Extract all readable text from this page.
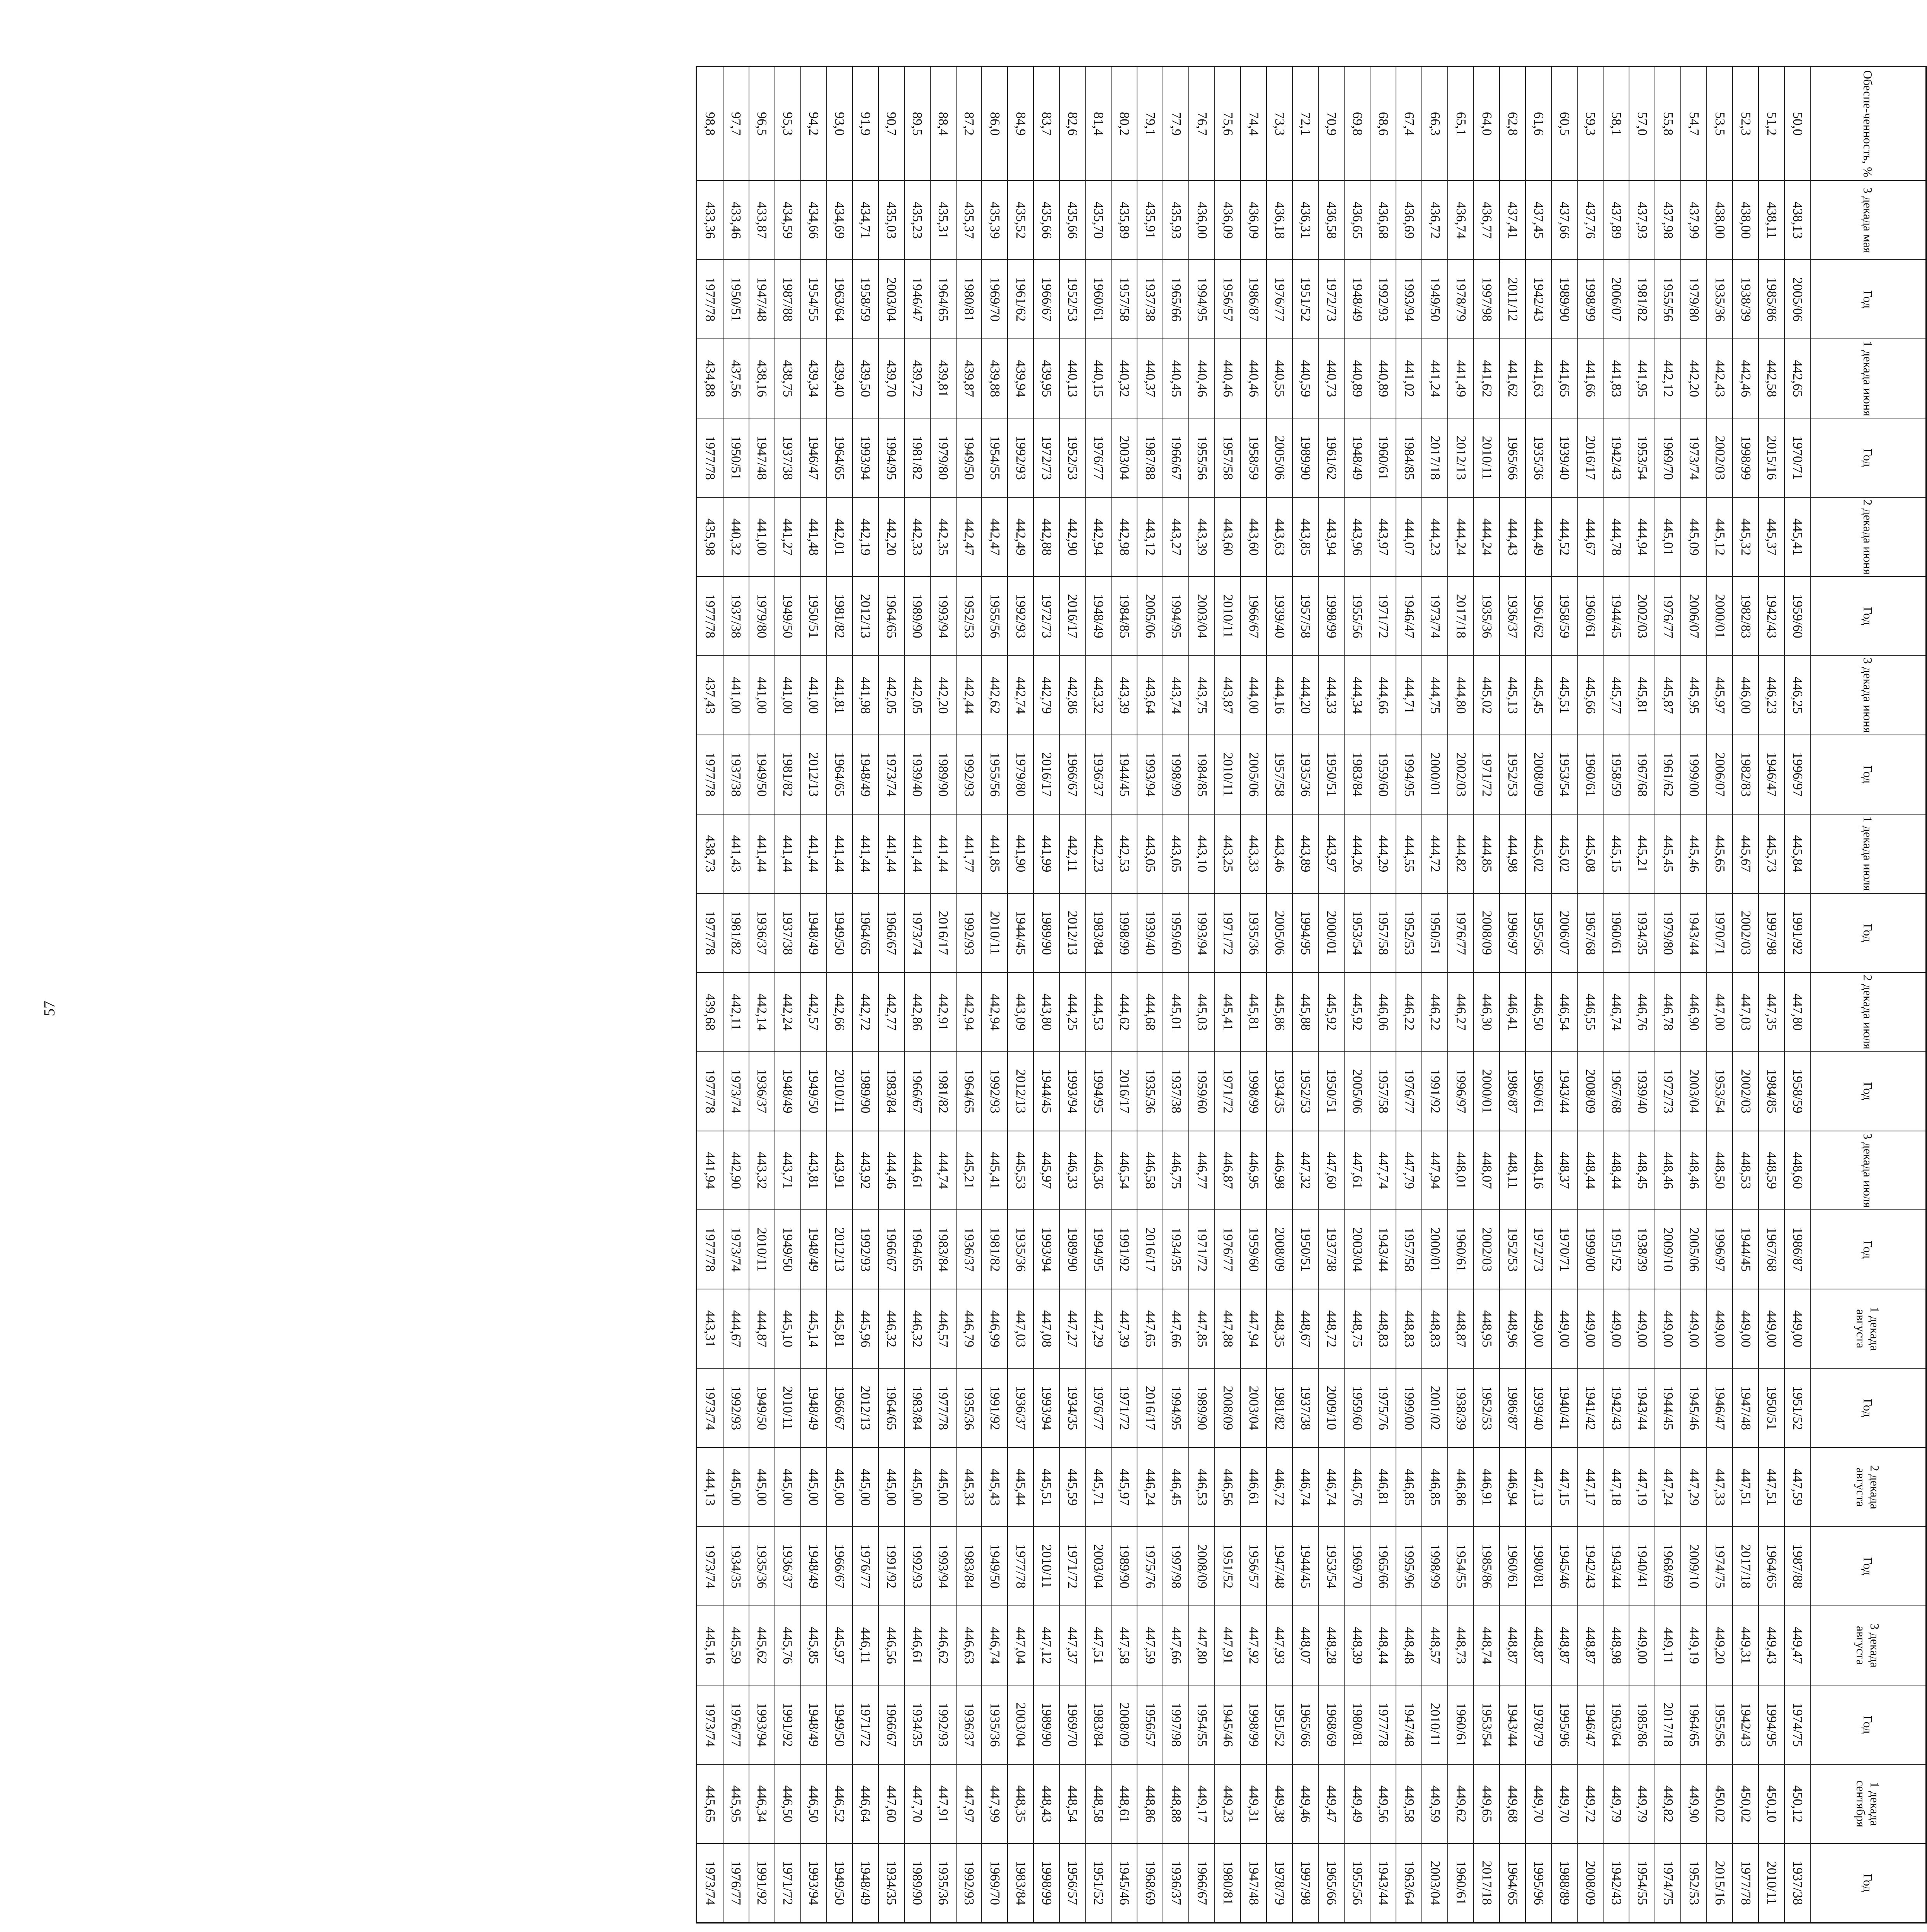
57
Обеспе-ченность, %	3 декада мая	Год	1 декада июня	Год	2 декада июня	Год	3 декада июня	Год	1 декада июля	Год	2 декада июля	Год	3 декада июля	Год	1 декада августа	Год	2 декада августа	Год	3 декада августа	Год	1 декада сентября	Год
50,0	438,13	2005/06	442,65	1970/71	445,41	1959/60	446,25	1996/97	445,84	1991/92	447,80	1958/59	448,60	1986/87	449,00	1951/52	447,59	1987/88	449,47	1974/75	450,12	1937/38
51,2	438,11	1985/86	442,58	2015/16	445,37	1942/43	446,23	1946/47	445,73	1997/98	447,35	1984/85	448,59	1967/68	449,00	1950/51	447,51	1964/65	449,43	1994/95	450,10	2010/11
52,3	438,00	1938/39	442,46	1998/99	445,32	1982/83	446,00	1982/83	445,67	2002/03	447,03	2002/03	448,53	1944/45	449,00	1947/48	447,51	2017/18	449,31	1942/43	450,02	1977/78
53,5	438,00	1935/36	442,43	2002/03	445,12	2000/01	445,97	2006/07	445,65	1970/71	447,00	1953/54	448,50	1996/97	449,00	1946/47	447,33	1974/75	449,20	1955/56	450,02	2015/16
54,7	437,99	1979/80	442,20	1973/74	445,09	2006/07	445,95	1999/00	445,46	1943/44	446,90	2003/04	448,46	2005/06	449,00	1945/46	447,29	2009/10	449,19	1964/65	449,90	1952/53
55,8	437,98	1955/56	442,12	1969/70	445,01	1976/77	445,87	1961/62	445,45	1979/80	446,78	1972/73	448,46	2009/10	449,00	1944/45	447,24	1968/69	449,11	2017/18	449,82	1974/75
57,0	437,93	1981/82	441,95	1953/54	444,94	2002/03	445,81	1967/68	445,21	1934/35	446,76	1939/40	448,45	1938/39	449,00	1943/44	447,19	1940/41	449,00	1985/86	449,79	1954/55
58,1	437,89	2006/07	441,83	1942/43	444,78	1944/45	445,77	1958/59	445,15	1960/61	446,74	1967/68	448,44	1951/52	449,00	1942/43	447,18	1943/44	448,98	1963/64	449,79	1942/43
59,3	437,76	1998/99	441,66	2016/17	444,67	1960/61	445,66	1960/61	445,08	1967/68	446,55	2008/09	448,44	1999/00	449,00	1941/42	447,17	1942/43	448,87	1946/47	449,72	2008/09
60,5	437,66	1989/90	441,65	1939/40	444,52	1958/59	445,51	1953/54	445,02	2006/07	446,54	1943/44	448,37	1970/71	449,00	1940/41	447,15	1945/46	448,87	1995/96	449,70	1988/89
61,6	437,45	1942/43	441,63	1935/36	444,49	1961/62	445,45	2008/09	445,02	1955/56	446,50	1960/61	448,16	1972/73	449,00	1939/40	447,13	1980/81	448,87	1978/79	449,70	1995/96
62,8	437,41	2011/12	441,62	1965/66	444,43	1936/37	445,13	1952/53	444,98	1996/97	446,41	1986/87	448,11	1952/53	448,96	1986/87	446,94	1960/61	448,87	1943/44	449,68	1964/65
64,0	436,77	1997/98	441,62	2010/11	444,24	1935/36	445,02	1971/72	444,85	2008/09	446,30	2000/01	448,07	2002/03	448,95	1952/53	446,91	1985/86	448,74	1953/54	449,65	2017/18
65,1	436,74	1978/79	441,49	2012/13	444,24	2017/18	444,80	2002/03	444,82	1976/77	446,27	1996/97	448,01	1960/61	448,87	1938/39	446,86	1954/55	448,73	1960/61	449,62	1960/61
66,3	436,72	1949/50	441,24	2017/18	444,23	1973/74	444,75	2000/01	444,72	1950/51	446,22	1991/92	447,94	2000/01	448,83	2001/02	446,85	1998/99	448,57	2010/11	449,59	2003/04
67,4	436,69	1993/94	441,02	1984/85	444,07	1946/47	444,71	1994/95	444,55	1952/53	446,22	1976/77	447,79	1957/58	448,83	1999/00	446,85	1995/96	448,48	1947/48	449,58	1963/64
68,6	436,68	1992/93	440,89	1960/61	443,97	1971/72	444,66	1959/60	444,29	1957/58	446,06	1957/58	447,74	1943/44	448,83	1975/76	446,81	1965/66	448,44	1977/78	449,56	1943/44
69,8	436,65	1948/49	440,89	1948/49	443,96	1955/56	444,34	1983/84	444,26	1953/54	445,92	2005/06	447,61	2003/04	448,75	1959/60	446,76	1969/70	448,39	1980/81	449,49	1955/56
70,9	436,58	1972/73	440,73	1961/62	443,94	1998/99	444,33	1950/51	443,97	2000/01	445,92	1950/51	447,60	1937/38	448,72	2009/10	446,74	1953/54	448,28	1968/69	449,47	1965/66
72,1	436,31	1951/52	440,59	1989/90	443,85	1957/58	444,20	1935/36	443,89	1994/95	445,88	1952/53	447,32	1950/51	448,67	1937/38	446,74	1944/45	448,07	1965/66	449,46	1997/98
73,3	436,18	1976/77	440,55	2005/06	443,63	1939/40	444,16	1957/58	443,46	2005/06	445,86	1934/35	446,98	2008/09	448,35	1981/82	446,72	1947/48	447,93	1951/52	449,38	1978/79
74,4	436,09	1986/87	440,46	1958/59	443,60	1966/67	444,00	2005/06	443,33	1935/36	445,81	1998/99	446,95	1959/60	447,94	2003/04	446,61	1956/57	447,92	1998/99	449,31	1947/48
75,6	436,09	1956/57	440,46	1957/58	443,60	2010/11	443,87	2010/11	443,25	1971/72	445,41	1971/72	446,87	1976/77	447,88	2008/09	446,56	1951/52	447,91	1945/46	449,23	1980/81
76,7	436,00	1994/95	440,46	1955/56	443,39	2003/04	443,75	1984/85	443,10	1993/94	445,03	1959/60	446,77	1971/72	447,85	1989/90	446,53	2008/09	447,80	1954/55	449,17	1966/67
77,9	435,93	1965/66	440,45	1966/67	443,27	1994/95	443,74	1998/99	443,05	1959/60	445,01	1937/38	446,75	1934/35	447,66	1994/95	446,45	1997/98	447,66	1997/98	448,88	1936/37
79,1	435,91	1937/38	440,37	1987/88	443,12	2005/06	443,64	1993/94	443,05	1939/40	444,68	1935/36	446,58	2016/17	447,65	2016/17	446,24	1975/76	447,59	1956/57	448,86	1968/69
80,2	435,89	1957/58	440,32	2003/04	442,98	1984/85	443,39	1944/45	442,53	1998/99	444,62	2016/17	446,54	1991/92	447,39	1971/72	445,97	1989/90	447,58	2008/09	448,61	1945/46
81,4	435,70	1960/61	440,15	1976/77	442,94	1948/49	443,32	1936/37	442,23	1983/84	444,53	1994/95	446,36	1994/95	447,29	1976/77	445,71	2003/04	447,51	1983/84	448,58	1951/52
82,6	435,66	1952/53	440,13	1952/53	442,90	2016/17	442,86	1966/67	442,11	2012/13	444,25	1993/94	446,33	1989/90	447,27	1934/35	445,59	1971/72	447,37	1969/70	448,54	1956/57
83,7	435,66	1966/67	439,95	1972/73	442,88	1972/73	442,79	2016/17	441,99	1989/90	443,80	1944/45	445,97	1993/94	447,08	1993/94	445,51	2010/11	447,12	1989/90	448,43	1998/99
84,9	435,52	1961/62	439,94	1992/93	442,49	1992/93	442,74	1979/80	441,90	1944/45	443,09	2012/13	445,53	1935/36	447,03	1936/37	445,44	1977/78	447,04	2003/04	448,35	1983/84
86,0	435,39	1969/70	439,88	1954/55	442,47	1955/56	442,62	1955/56	441,85	2010/11	442,94	1992/93	445,41	1981/82	446,99	1991/92	445,43	1949/50	446,74	1935/36	447,99	1969/70
87,2	435,37	1980/81	439,87	1949/50	442,47	1952/53	442,44	1992/93	441,77	1992/93	442,94	1964/65	445,21	1936/37	446,79	1935/36	445,33	1983/84	446,63	1936/37	447,97	1992/93
88,4	435,31	1964/65	439,81	1979/80	442,35	1993/94	442,20	1989/90	441,44	2016/17	442,91	1981/82	444,74	1983/84	446,57	1977/78	445,00	1993/94	446,62	1992/93	447,91	1935/36
89,5	435,23	1946/47	439,72	1981/82	442,33	1989/90	442,05	1939/40	441,44	1973/74	442,86	1966/67	444,61	1964/65	446,32	1983/84	445,00	1992/93	446,61	1934/35	447,70	1989/90
90,7	435,03	2003/04	439,70	1994/95	442,20	1964/65	442,05	1973/74	441,44	1966/67	442,77	1983/84	444,46	1966/67	446,32	1964/65	445,00	1991/92	446,56	1966/67	447,60	1934/35
91,9	434,71	1958/59	439,50	1993/94	442,19	2012/13	441,98	1948/49	441,44	1964/65	442,72	1989/90	443,92	1992/93	445,96	2012/13	445,00	1976/77	446,11	1971/72	446,64	1948/49
93,0	434,69	1963/64	439,40	1964/65	442,01	1981/82	441,81	1964/65	441,44	1949/50	442,66	2010/11	443,91	2012/13	445,81	1966/67	445,00	1966/67	445,97	1949/50	446,52	1949/50
94,2	434,66	1954/55	439,34	1946/47	441,48	1950/51	441,00	2012/13	441,44	1948/49	442,57	1949/50	443,81	1948/49	445,14	1948/49	445,00	1948/49	445,85	1948/49	446,50	1993/94
95,3	434,59	1987/88	438,75	1937/38	441,27	1949/50	441,00	1981/82	441,44	1937/38	442,24	1948/49	443,71	1949/50	445,10	2010/11	445,00	1936/37	445,76	1991/92	446,50	1971/72
96,5	433,87	1947/48	438,16	1947/48	441,00	1979/80	441,00	1949/50	441,44	1936/37	442,14	1936/37	443,32	2010/11	444,87	1949/50	445,00	1935/36	445,62	1993/94	446,34	1991/92
97,7	433,46	1950/51	437,56	1950/51	440,32	1937/38	441,00	1937/38	441,43	1981/82	442,11	1973/74	442,90	1973/74	444,67	1992/93	445,00	1934/35	445,59	1976/77	445,95	1976/77
98,8	433,36	1977/78	434,88	1977/78	435,98	1977/78	437,43	1977/78	438,73	1977/78	439,68	1977/78	441,94	1977/78	443,31	1973/74	444,13	1973/74	445,16	1973/74	445,65	1973/74
